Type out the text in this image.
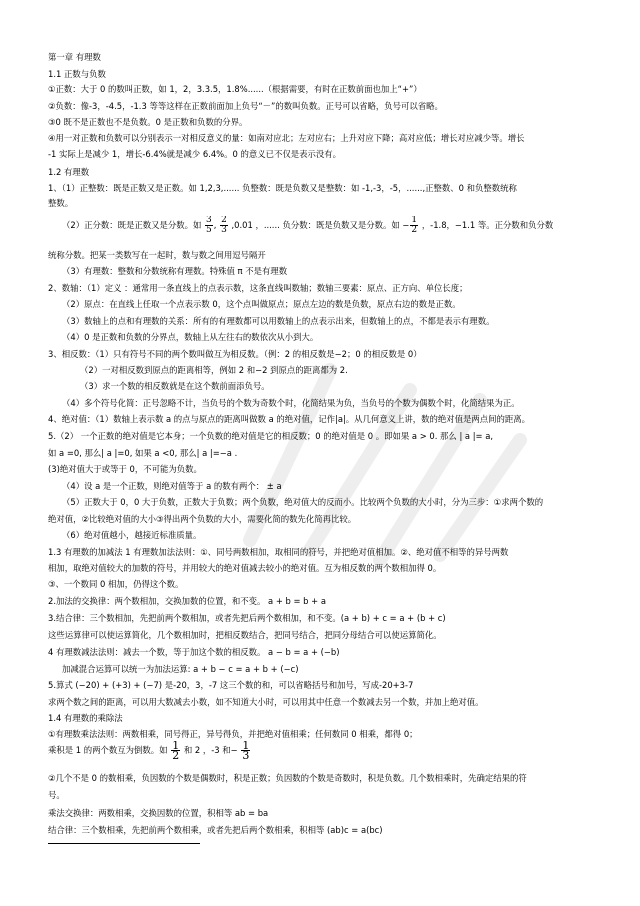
第一章 有理数
1.1 正数与负数
①正数：大于 0 的数叫正数，如 1，2，3.3.5，1.8%......（根据需要，有时在正数前面也加上“+”）
②负数：像-3，-4.5，-1.3 等等这样在正数前面加上负号“－”的数叫负数。正号可以省略，负号可以省略。
③0 既不是正数也不是负数。0 是正数和负数的分界。
④用一对正数和负数可以分别表示一对相反意义的量：如南对应北；左对应右；上升对应下降；高对应低；增长对应减少等。增长
-1 实际上是减少 1，增长-6.4%就是减少 6.4%。0 的意义已不仅是表示没有。
1.2 有理数
1、（1）正整数：既是正数又是正数。如 1,2,3,...... 负整数：既是负数又是整数：如 -1,-3，-5，......,正整数、0 和负整数统称
整数。
统称分数。把某一类数写在一起时，数与数之间用逗号隔开
（3）有理数：整数和分数统称有理数。特殊值 π 不是有理数
2、数轴：（1）定义 ：通常用一条直线上的点表示数，这条直线叫数轴；数轴三要素：原点、正方向、单位长度；
（2）原点：在直线上任取一个点表示数 0，这个点叫做原点；原点左边的数是负数，原点右边的数是正数。
（3）数轴上的点和有理数的关系：所有的有理数都可以用数轴上的点表示出来，但数轴上的点，不都是表示有理数。
（4）0 是正数和负数的分界点，数轴上从左往右的数依次从小到大。
3、相反数：（1）只有符号不同的两个数叫做互为相反数。（例：2 的相反数是−2；0 的相反数是 0）
（2）一对相反数到原点的距离相等，例如 2 和−2 到原点的距离都为 2.
（3）求一个数的相反数就是在这个数前面添负号。
（4）多个符号化简：正号忽略不计，当负号的个数为奇数个时，化简结果为负，当负号的个数为偶数个时，化简结果为正。
4、绝对值：（1）数轴上表示数 a 的点与原点的距离叫做数 a 的绝对值，记作|a|。从几何意义上讲，数的绝对值是两点间的距离。
5.（2） 一个正数的绝对值是它本身；一个负数的绝对值是它的相反数；0 的绝对值是 0 。即如果 a > 0. 那么 | a |= a,
如 a =0, 那么| a |=0, 如果 a <0, 那么| a |=−a .
(3)绝对值大于或等于 0，不可能为负数。
（4）设 a 是一个正数，则绝对值等于 a 的数有两个： ± a
（5）正数大于 0，0 大于负数，正数大于负数；两个负数，绝对值大的反而小。比较两个负数的大小时，分为三步：①求两个数的
绝对值，②比较绝对值的大小③得出两个负数的大小，需要化简的数先化简再比较。
（6）绝对值越小，越接近标准质量。
1.3 有理数的加减法 1 有理数加法法则：①、同号两数相加，取相同的符号，并把绝对值相加。②、绝对值不相等的异号两数
相加，取绝对值较大的加数的符号，并用较大的绝对值减去较小的绝对值。互为相反数的两个数相加得 0。
③、一个数同 0 相加，仍得这个数。
2.加法的交换律：两个数相加，交换加数的位置，和不变。 a + b = b + a
3.结合律：三个数相加，先把前两个数相加，或者先把后两个数相加，和不变。(a + b) + c = a + (b + c)
这些运算律可以使运算简化，几个数相加时，把相反数结合，把同号结合，把同分母结合可以使运算简化。
4 有理数减法法则：减去一个数，等于加这个数的相反数。 a − b = a + (−b)
加减混合运算可以统一为加法运算: a + b − c = a + b + (−c)
5.算式 (−20) + (+3) + (−7) 是-20，3，-7 这三个数的和，可以省略括号和加号，写成-20+3-7
求两个数之间的距离，可以用大数减去小数，如不知道大小时，可以用其中任意一个数减去另一个数，并加上绝对值。
1.4 有理数的乘除法
①有理数乘法法则：两数相乘，同号得正，异号得负，并把绝对值相乘；任何数同 0 相乘，都得 0；
②几个不是 0 的数相乘，负因数的个数是偶数时，积是正数；负因数的个数是奇数时，积是负数。几个数相乘时，先确定结果的符
号。
乘法交换律：两数相乘，交换因数的位置，积相等 ab = ba
结合律：三个数相乘，先把前两个数相乘，或者先把后两个数相乘，积相等 (ab)c = a(bc)
（2）正分数：既是正数又是分数。如 $\frac{3}{5}$ , $\frac{2}{3} ,0.01$ ，...... 负分数：既是负数又是分数。如 − $\frac{1}{2}$ ，-1.8，−1.1 等。正分数和负分数
乘积是 1 的两个数互为倒数。如 $\frac{1}{2}$ 和 2 ，-3 和− $\frac{1}{3}$
